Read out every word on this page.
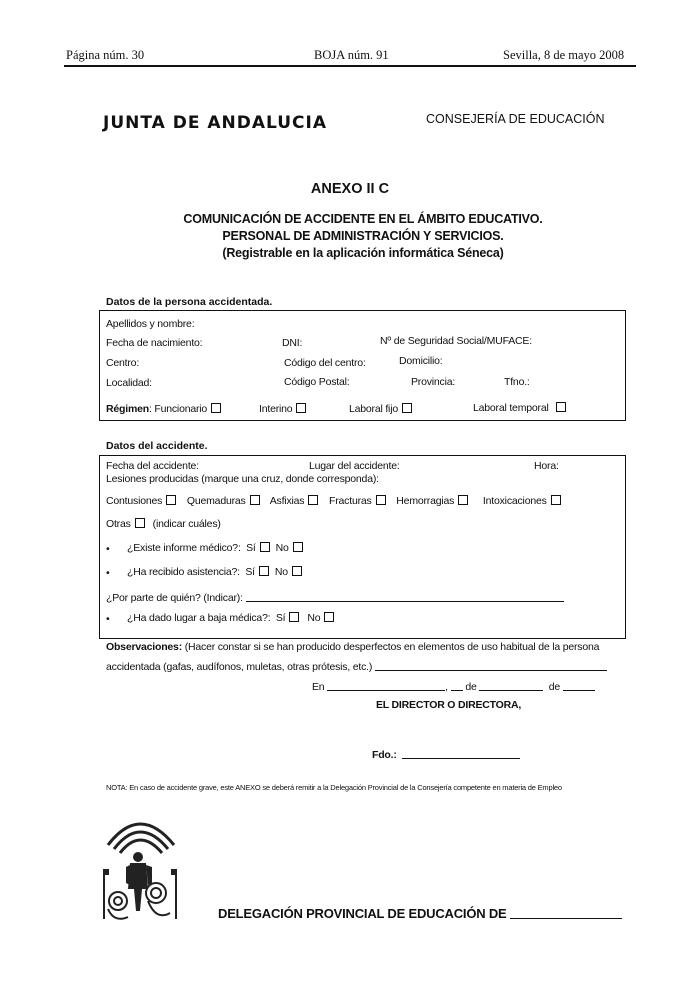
Página núm. 30	BOJA núm. 91	Sevilla, 8 de mayo 2008
JUNTA DE ANDALUCIA	CONSEJERÍA DE EDUCACIÓN
ANEXO II C
COMUNICACIÓN DE ACCIDENTE EN EL ÁMBITO EDUCATIVO.
PERSONAL DE ADMINISTRACIÓN Y SERVICIOS.
(Registrable en la aplicación informática Séneca)
Datos de la persona accidentada.
Apellidos y nombre:
Fecha de nacimiento:	DNI:	Nº de Seguridad Social/MUFACE:
Centro:	Código del centro:	Domicilio:
Localidad:	Código Postal:	Provincia:	Tfno.:
Régimen: Funcionario	Interino	Laboral fijo	Laboral temporal
Datos del accidente.
Fecha del accidente:	Lugar del accidente:	Hora:
Lesiones producidas (marque una cruz, donde corresponda):
Contusiones Quemaduras Asfixias Fracturas Hemorragias	Intoxicaciones
Otras (indicar cuáles)
• ¿Existe informe médico?: Sí No
• ¿Ha recibido asistencia?: Sí No
¿Por parte de quién? (Indicar):
• ¿Ha dado lugar a baja médica?: Sí No
Observaciones: (Hacer constar si se han producido desperfectos en elementos de uso habitual de la persona
accidentada (gafas, audífonos, muletas, otras prótesis, etc.)
En	, de	de
EL DIRECTOR O DIRECTORA,
Fdo.:
NOTA: En caso de accidente grave, este ANEXO se deberá remitir a la Delegación Provincial de la Consejería competente en materia de Empleo
DELEGACIÓN PROVINCIAL DE EDUCACIÓN DE
